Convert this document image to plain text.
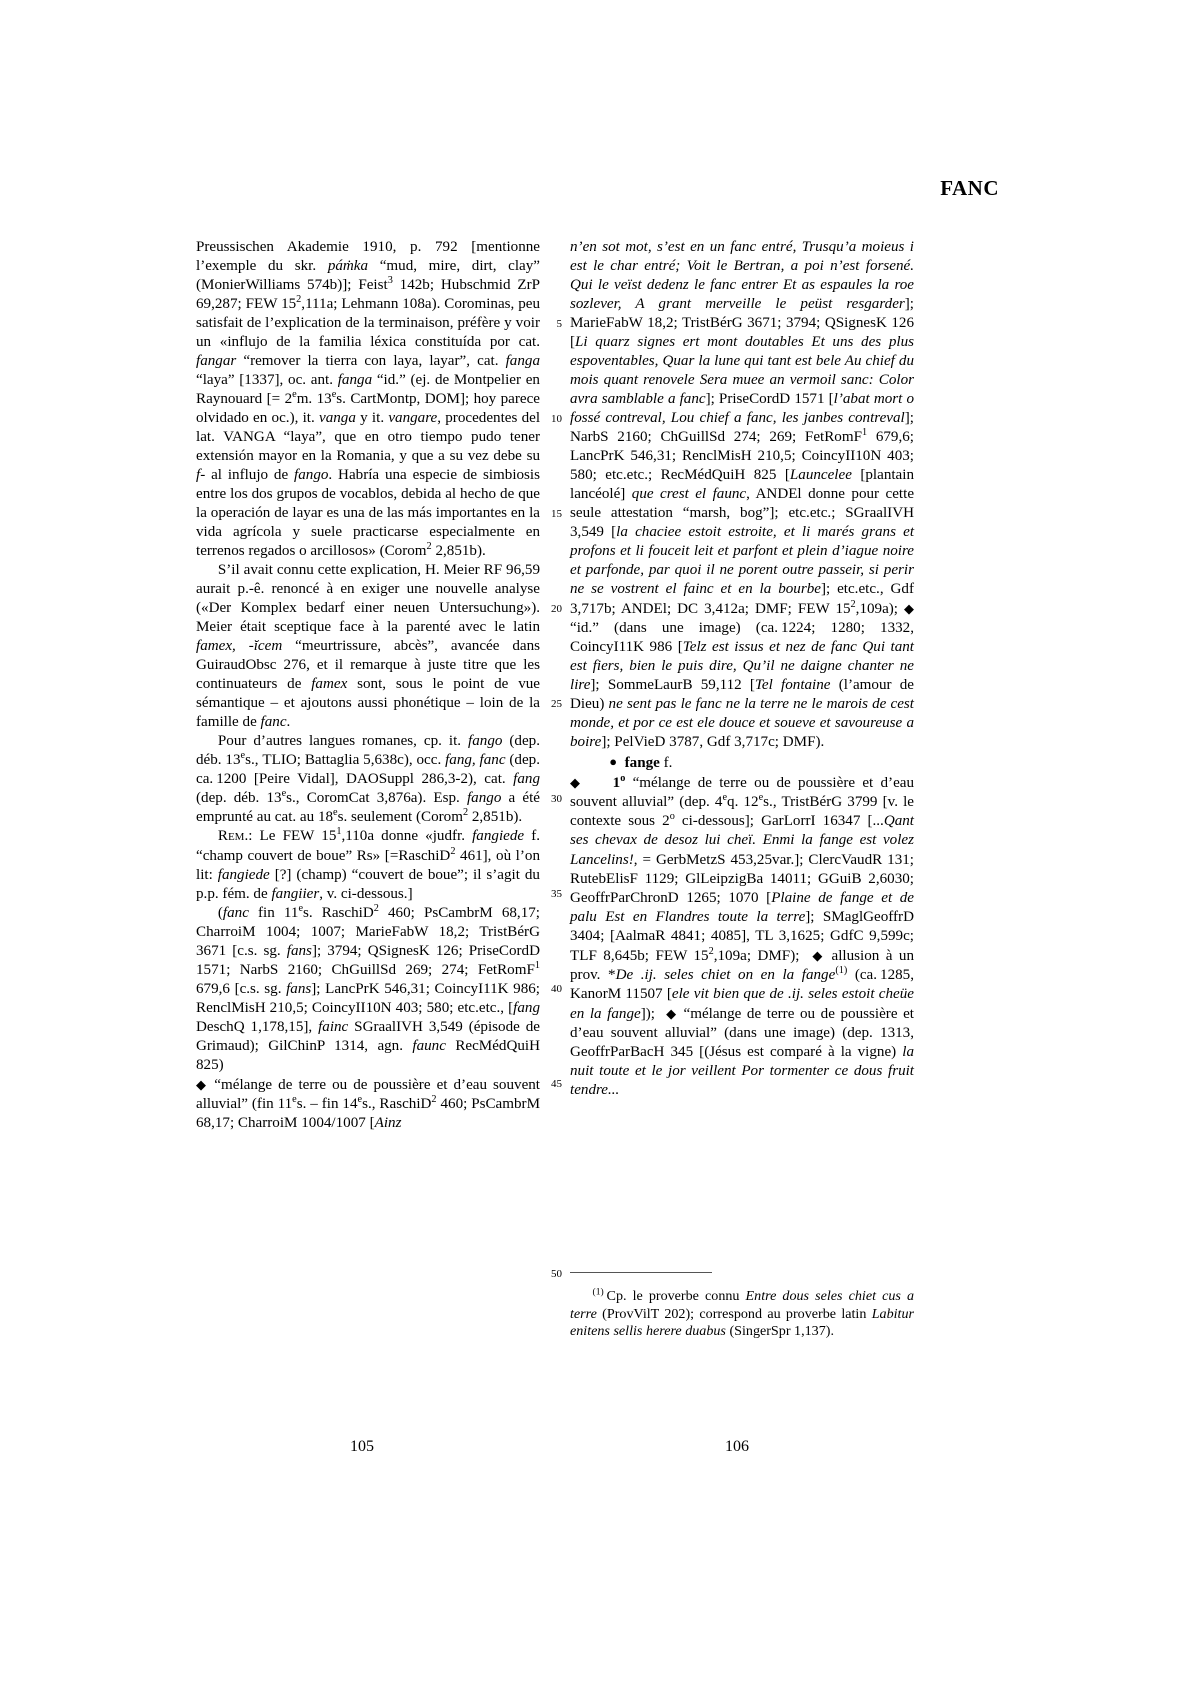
FANC
5
10
15
20
25
30
35
40
45
50

Preussischen Akademie 1910, p. 792 [mentionne l’exemple du skr. páṁka “mud, mire, dirt, clay” (MonierWilliams 574b)]; Feist$^3$ 142b; Hubschmid ZrP 69,287; FEW $15^2,111a$; Lehmann 108a). Corominas, peu satisfait de l’explication de la terminaison, préfère y voir un «influjo de la familia léxica constituída por cat. fangar “remover la tierra con laya, layar”, cat. fanga “laya” [1337], oc. ant. fanga “id.” (ej. de Montpelier en Raynouard [= $2^em$. 13es. CartMontp, DOM]; hoy parece olvidado en oc.), it. vanga y it. vangare, procedentes del lat. VANGA “laya”, que en otro tiempo pudo tener extensión mayor en la Romania, y que a su vez debe su f- al influjo de fango. Habría una especie de simbiosis entre los dos grupos de vocablos, debida al hecho de que la operación de layar es una de las más importantes en la vida agrícola y suele practicarse especialmente en terrenos regados o arcillosos» (Corom$^2$ 2,851b).

S’il avait connu cette explication, H. Meier RF 96,59 aurait p.-ê. renoncé à en exiger une nouvelle analyse («Der Komplex bedarf einer neuen Untersuchung»). Meier était sceptique face à la parenté avec le latin famex, -ĭcem “meurtrissure, abcès”, avancée dans GuiraudObsc 276, et il remarque à juste titre que les continuateurs de famex sont, sous le point de vue sémantique – et ajoutons aussi phonétique – loin de la famille de fanc.

Pour d’autres langues romanes, cp. it. fango (dep. déb. 13es., TLIO; Battaglia 5,638c), occ. fang, fanc (dep. ca. 1200 [Peire Vidal], DAOSuppl 286,3-2), cat. fang (dep. déb. 13es., CoromCat 3,876a). Esp. fango a été emprunté au cat. au 18es. seulement (Corom$^2$ 2,851b).

Rem.: Le FEW $15^1,110a$ donne «judfr. fangiede f. “champ couvert de boue” Rs» [=RaschiD$^2$ 461], où l’on lit: fangiede [?] (champ) “couvert de boue”; il s’agit du p.p. fém. de fangiier, v. ci-dessous.]

(fanc fin 11es. RaschiD$^2$ 460; PsCambrM 68,17; CharroiM 1004; 1007; MarieFabW 18,2; TristBérG 3671 [c.s. sg. fans]; 3794; QSignesK 126; PriseCordD 1571; NarbS 2160; ChGuillSd 269; 274; FetRomF$^1$ 679,6 [c.s. sg. fans]; LancPrK 546,31; CoincyI11K 986; RenclMisH 210,5; CoincyII10N 403; 580; etc.etc., [fang DeschQ 1,178,15], fainc SGraalIVH 3,549 (épisode de Grimaud); GilChinP 1314, agn. faunc RecMédQuiH 825)

◆ “mélange de terre ou de poussière et d’eau souvent alluvial” (fin 11es. – fin 14es., RaschiD$^2$ 460; PsCambrM 68,17; CharroiM 1004/1007 [Ainz

n’en sot mot, s’est en un fanc entré, Trusqu’a moieus i est le char entré; Voit le Bertran, a poi n’est forsené. Qui le veïst dedenz le fanc entrer Et as espaules la roe sozlever, A grant merveille le peüst resgarder]; MarieFabW 18,2; TristBérG 3671; 3794; QSignesK 126 [Li quarz signes ert mont doutables Et uns des plus espoventables, Quar la lune qui tant est bele Au chief du mois quant renovele Sera muee an vermoil sanc: Color avra samblable a fanc]; PriseCordD 1571 [l’abat mort o fossé contreval, Lou chief a fanc, les janbes contreval]; NarbS 2160; ChGuillSd 274; 269; FetRomF$^1$ 679,6; LancPrK 546,31; RenclMisH 210,5; CoincyII10N 403; 580; etc.etc.; RecMédQuiH 825 [Launcelee [plantain lancéolé] que crest el faunc, ANDEl donne pour cette seule attestation “marsh, bog”]; etc.etc.; SGraalIVH 3,549 [la chaciee estoit estroite, et li marés grans et profons et li fouceit leit et parfont et plein d’iague noire et parfonde, par quoi il ne porent outre passeir, si perir ne se vostrent el fainc et en la bourbe]; etc.etc., Gdf 3,717b; ANDEl; DC 3,412a; DMF; FEW $15^2,109a$); ◆ “id.” (dans une image) (ca. 1224; 1280; 1332, CoincyI11K 986 [Telz est issus et nez de fanc Qui tant est fiers, bien le puis dire, Qu’il ne daigne chanter ne lire]; SommeLaurB 59,112 [Tel fontaine (l’amour de Dieu) ne sent pas le fanc ne la terre ne le marois de cest monde, et por ce est ele douce et soueve et savoureuse a boire]; PelVieD 3787, Gdf 3,717c; DMF).

● fange f.

◆ 1$^o$ “mélange de terre ou de poussière et d’eau souvent alluvial” (dep. 4eq. 12es., TristBérG 3799 [v. le contexte sous 2$^o$ ci-dessous]; GarLorrI 16347 [...Qant ses chevax de desoz lui cheï. Enmi la fange est volez Lancelins!, = GerbMetzS 453,25var.]; ClercVaudR 131; RutebElisF 1129; GlLeipzigBa 14011; GGuiB 2,6030; GeoffrParChronD 1265; 1070 [Plaine de fange et de palu Est en Flandres toute la terre]; SMaglGeoffrD 3404; [AalmaR 4841; 4085], TL 3,1625; GdfC 9,599c; TLF 8,645b; FEW $15^2,109a$; DMF);  ◆ allusion à un prov. *De .ij. seles chiet on en la fange$^{(1)}$ (ca. 1285, KanorM 11507 [ele vit bien que de .ij. seles estoit cheüe en la fange]);  ◆ “mélange de terre ou de poussière et d’eau souvent alluvial” (dans une image) (dep. 1313, GeoffrParBacH 345 [(Jésus est comparé à la vigne) la nuit toute et le jor veillent Por tormenter ce dous fruit tendre...

$^{(1)}$ Cp. le proverbe connu Entre dous seles chiet cus a terre (ProvVilT 202); correspond au proverbe latin Labitur enitens sellis herere duabus (SingerSpr 1,137).

105	106
